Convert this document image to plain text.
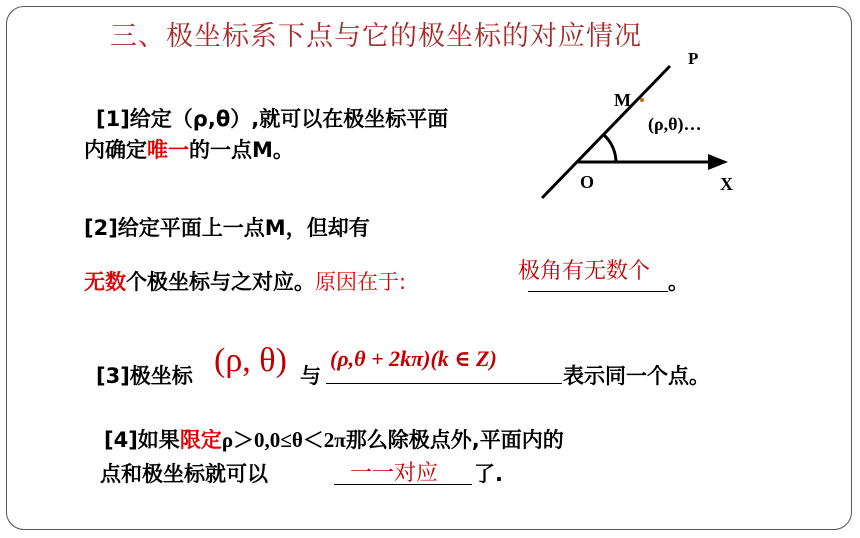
三、极坐标系下点与它的极坐标的对应情况
P
M
O	X
(ρ,θ)…
[1]给定（ρ,θ）,就可以在极坐标平面
内确定唯一的一点M。
[2]给定平面上一点M，但却有
无数个极坐标与之对应。原因在于:	极角有无数个 。
[3]极坐标 (ρ, θ) 与
(ρ,θ + 2kπ)(k ∈ Z)
表示同一个点。
[4]如果限定ρ＞0,0≤θ＜2π那么除极点外,平面内的
点和极坐标就可以	一一对应 了.
